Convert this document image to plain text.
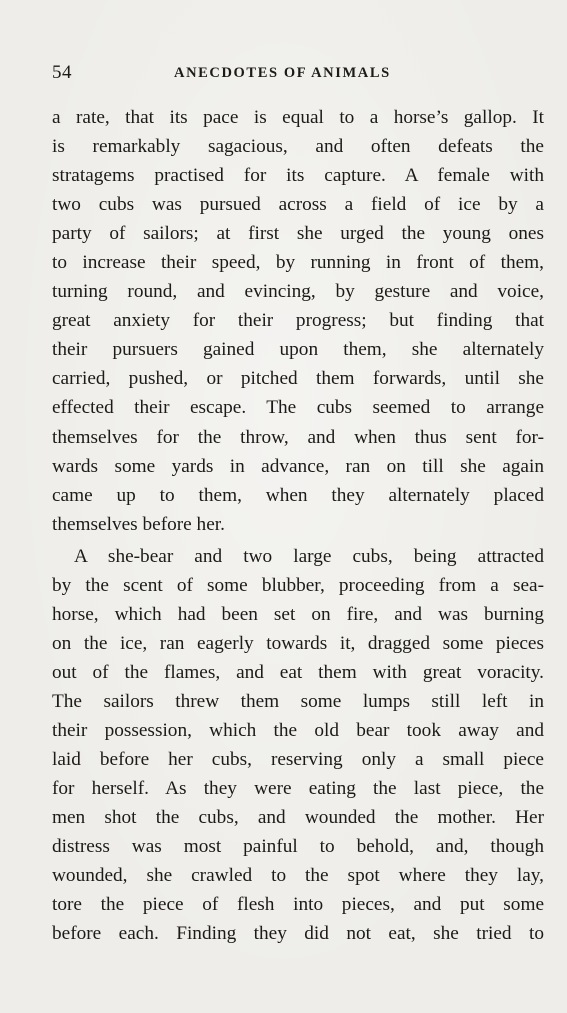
54	ANECDOTES OF ANIMALS
a rate, that its pace is equal to a horse’s gallop. It
is remarkably sagacious, and often defeats the
stratagems practised for its capture. A female with
two cubs was pursued across a field of ice by a
party of sailors; at first she urged the young ones
to increase their speed, by running in front of them,
turning round, and evincing, by gesture and voice,
great anxiety for their progress; but finding that
their pursuers gained upon them, she alternately
carried, pushed, or pitched them forwards, until she
effected their escape. The cubs seemed to arrange
themselves for the throw, and when thus sent for-
wards some yards in advance, ran on till she again
came up to them, when they alternately placed
themselves before her.
A she-bear and two large cubs, being attracted
by the scent of some blubber, proceeding from a sea-
horse, which had been set on fire, and was burning
on the ice, ran eagerly towards it, dragged some pieces
out of the flames, and eat them with great voracity.
The sailors threw them some lumps still left in
their possession, which the old bear took away and
laid before her cubs, reserving only a small piece
for herself. As they were eating the last piece, the
men shot the cubs, and wounded the mother. Her
distress was most painful to behold, and, though
wounded, she crawled to the spot where they lay,
tore the piece of flesh into pieces, and put some
before each. Finding they did not eat, she tried to
